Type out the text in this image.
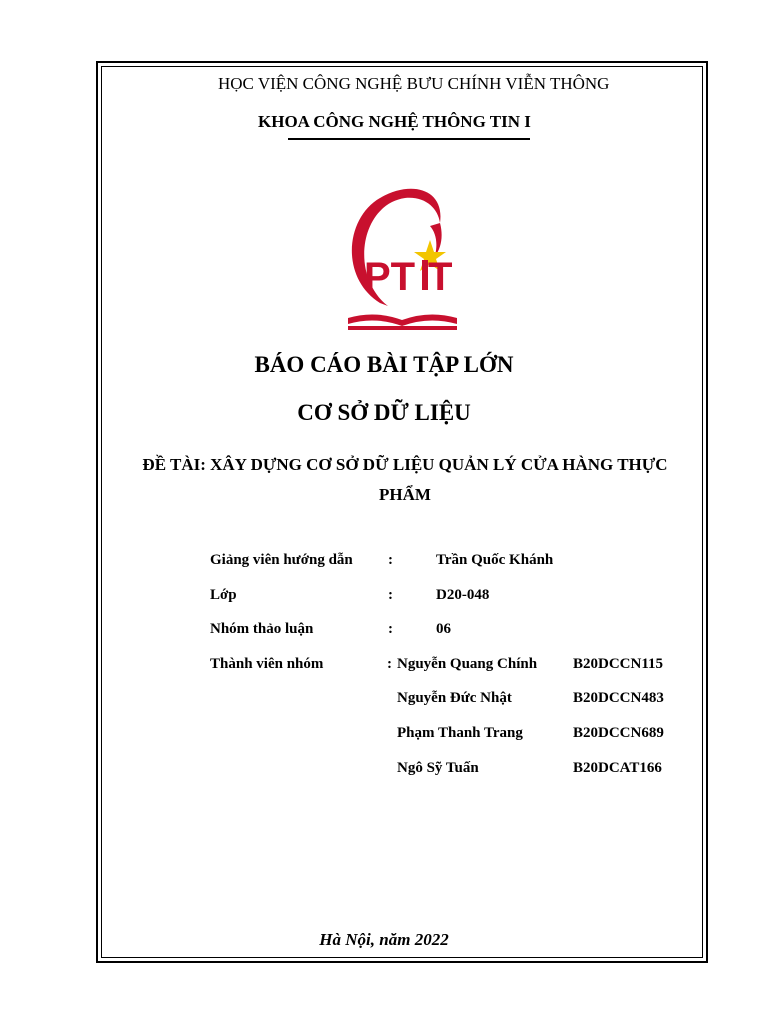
HỌC VIỆN CÔNG NGHỆ BƯU CHÍNH VIỄN THÔNG
KHOA CÔNG NGHỆ THÔNG TIN I
PT T
BÁO CÁO BÀI TẬP LỚN
CƠ SỞ DỮ LIỆU
ĐỀ TÀI: XÂY DỰNG CƠ SỞ DỮ LIỆU QUẢN LÝ CỬA HÀNG THỰC PHẨM
Giảng viên hướng dẫn :	Trần Quốc Khánh
Lớp	:	D20-048
Nhóm thảo luận	:	06
Thành viên nhóm	: Nguyễn Quang Chính B20DCCN115
Nguyễn Đức Nhật	B20DCCN483
Phạm Thanh Trang	B20DCCN689
Ngô Sỹ Tuấn	B20DCAT166
Hà Nội, năm 2022
